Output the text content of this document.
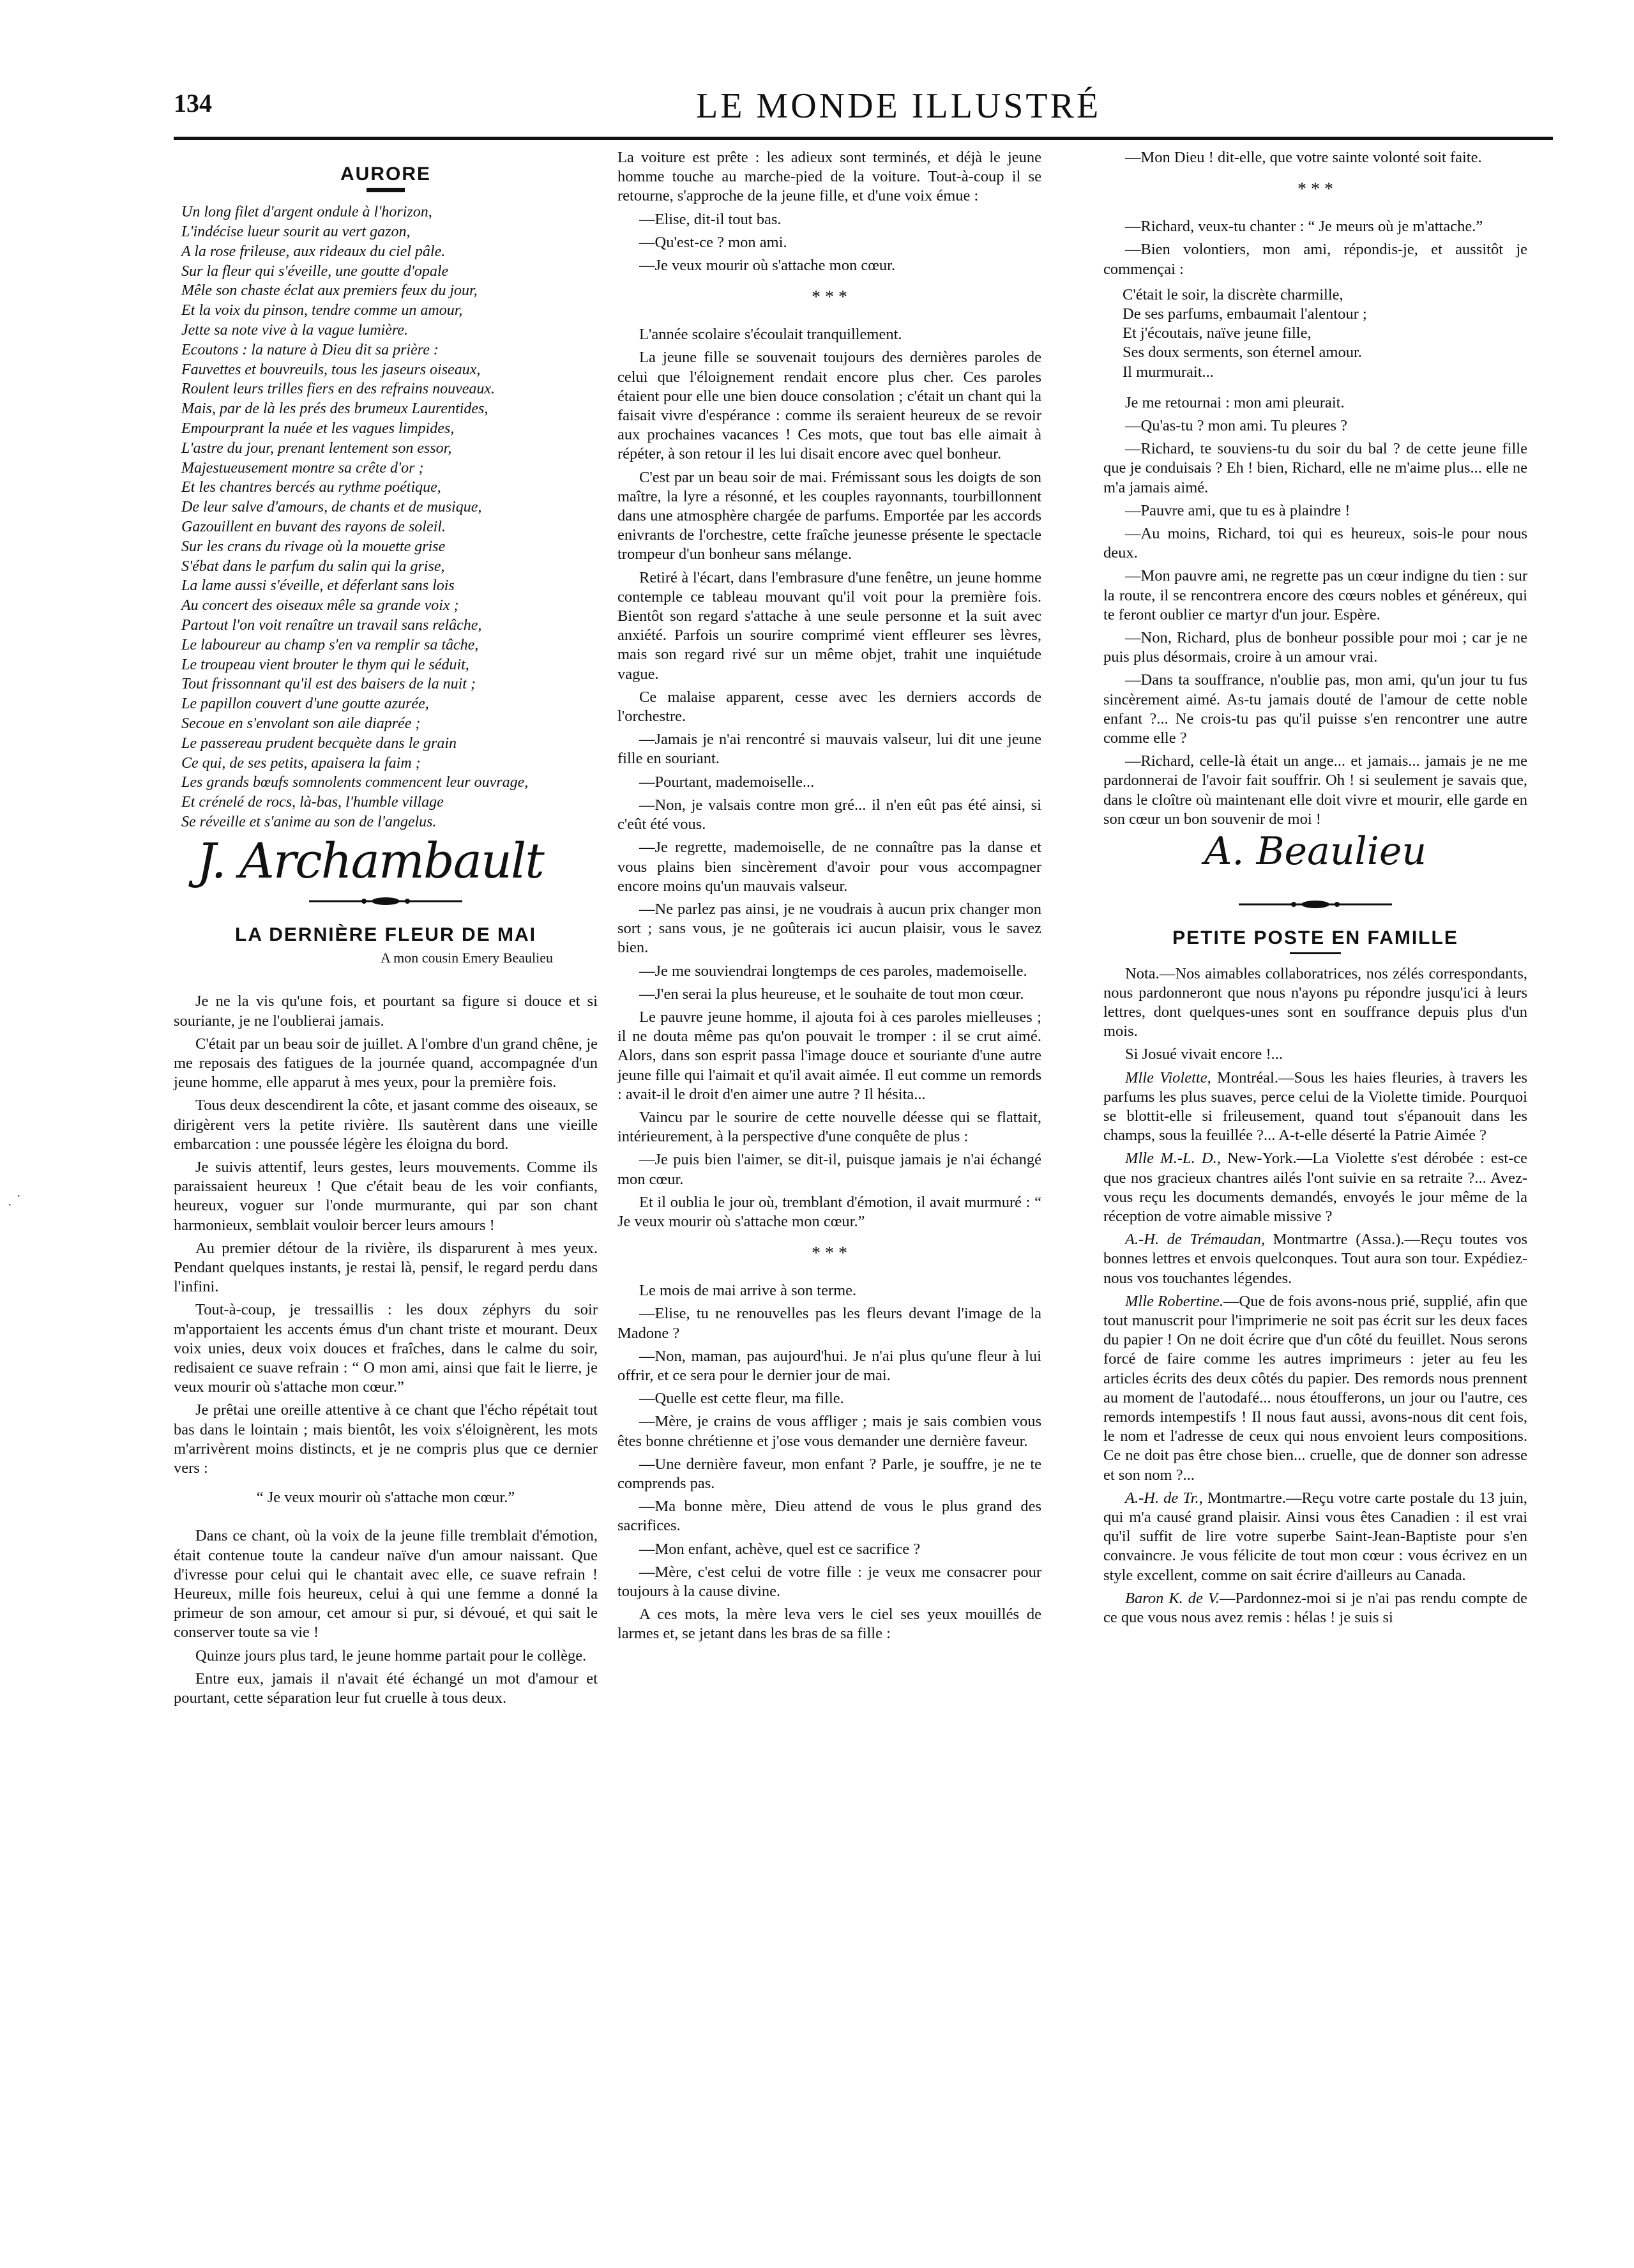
134	LE MONDE ILLUSTRÉ
·
·
AURORE
Un long filet d'argent ondule à l'horizon,
L'indécise lueur sourit au vert gazon,
A la rose frileuse, aux rideaux du ciel pâle.
Sur la fleur qui s'éveille, une goutte d'opale
Mêle son chaste éclat aux premiers feux du jour,
Et la voix du pinson, tendre comme un amour,
Jette sa note vive à la vague lumière.
Ecoutons : la nature à Dieu dit sa prière :
Fauvettes et bouvreuils, tous les jaseurs oiseaux,
Roulent leurs trilles fiers en des refrains nouveaux.
Mais, par de là les prés des brumeux Laurentides,
Empourprant la nuée et les vagues limpides,
L'astre du jour, prenant lentement son essor,
Majestueusement montre sa crête d'or ;
Et les chantres bercés au rythme poétique,
De leur salve d'amours, de chants et de musique,
Gazouillent en buvant des rayons de soleil.
Sur les crans du rivage où la mouette grise
S'ébat dans le parfum du salin qui la grise,
La lame aussi s'éveille, et déferlant sans lois
Au concert des oiseaux mêle sa grande voix ;
Partout l'on voit renaître un travail sans relâche,
Le laboureur au champ s'en va remplir sa tâche,
Le troupeau vient brouter le thym qui le séduit,
Tout frissonnant qu'il est des baisers de la nuit ;
Le papillon couvert d'une goutte azurée,
Secoue en s'envolant son aile diaprée ;
Le passereau prudent becquète dans le grain
Ce qui, de ses petits, apaisera la faim ;
Les grands bœufs somnolents commencent leur ouvrage,
Et crénelé de rocs, là-bas, l'humble village
Se réveille et s'anime au son de l'angelus.
J. Archambault
LA DERNIÈRE FLEUR DE MAI
A mon cousin Emery Beaulieu

Je ne la vis qu'une fois, et pourtant sa figure si douce et si souriante, je ne l'oublierai jamais.

C'était par un beau soir de juillet. A l'ombre d'un grand chêne, je me reposais des fatigues de la journée quand, accompagnée d'un jeune homme, elle apparut à mes yeux, pour la première fois.

Tous deux descendirent la côte, et jasant comme des oiseaux, se dirigèrent vers la petite rivière. Ils sautèrent dans une vieille embarcation : une poussée légère les éloigna du bord.

Je suivis attentif, leurs gestes, leurs mouvements. Comme ils paraissaient heureux ! Que c'était beau de les voir confiants, heureux, voguer sur l'onde murmurante, qui par son chant harmonieux, semblait vouloir bercer leurs amours !

Au premier détour de la rivière, ils disparurent à mes yeux. Pendant quelques instants, je restai là, pensif, le regard perdu dans l'infini.

Tout-à-coup, je tressaillis : les doux zéphyrs du soir m'apportaient les accents émus d'un chant triste et mourant. Deux voix unies, deux voix douces et fraîches, dans le calme du soir, redisaient ce suave refrain : “ O mon ami, ainsi que fait le lierre, je veux mourir où s'attache mon cœur.”

Je prêtai une oreille attentive à ce chant que l'écho répétait tout bas dans le lointain ; mais bientôt, les voix s'éloignèrent, les mots m'arrivèrent moins distincts, et je ne compris plus que ce dernier vers :

“ Je veux mourir où s'attache mon cœur.”

Dans ce chant, où la voix de la jeune fille tremblait d'émotion, était contenue toute la candeur naïve d'un amour naissant. Que d'ivresse pour celui qui le chantait avec elle, ce suave refrain ! Heureux, mille fois heureux, celui à qui une femme a donné la primeur de son amour, cet amour si pur, si dévoué, et qui sait le conserver toute sa vie !

Quinze jours plus tard, le jeune homme partait pour le collège.

Entre eux, jamais il n'avait été échangé un mot d'amour et pourtant, cette séparation leur fut cruelle à tous deux.

La voiture est prête : les adieux sont terminés, et déjà le jeune homme touche au marche-pied de la voiture. Tout-à-coup il se retourne, s'approche de la jeune fille, et d'une voix émue :

—Elise, dit-il tout bas.

—Qu'est-ce ? mon ami.

—Je veux mourir où s'attache mon cœur.

* * *

L'année scolaire s'écoulait tranquillement.

La jeune fille se souvenait toujours des dernières paroles de celui que l'éloignement rendait encore plus cher. Ces paroles étaient pour elle une bien douce consolation ; c'était un chant qui la faisait vivre d'espérance : comme ils seraient heureux de se revoir aux prochaines vacances ! Ces mots, que tout bas elle aimait à répéter, à son retour il les lui disait encore avec quel bonheur.

C'est par un beau soir de mai. Frémissant sous les doigts de son maître, la lyre a résonné, et les couples rayonnants, tourbillonnent dans une atmosphère chargée de parfums. Emportée par les accords enivrants de l'orchestre, cette fraîche jeunesse présente le spectacle trompeur d'un bonheur sans mélange.

Retiré à l'écart, dans l'embrasure d'une fenêtre, un jeune homme contemple ce tableau mouvant qu'il voit pour la première fois. Bientôt son regard s'attache à une seule personne et la suit avec anxiété. Parfois un sourire comprimé vient effleurer ses lèvres, mais son regard rivé sur un même objet, trahit une inquiétude vague.

Ce malaise apparent, cesse avec les derniers accords de l'orchestre.

—Jamais je n'ai rencontré si mauvais valseur, lui dit une jeune fille en souriant.

—Pourtant, mademoiselle...

—Non, je valsais contre mon gré... il n'en eût pas été ainsi, si c'eût été vous.

—Je regrette, mademoiselle, de ne connaître pas la danse et vous plains bien sincèrement d'avoir pour vous accompagner encore moins qu'un mauvais valseur.

—Ne parlez pas ainsi, je ne voudrais à aucun prix changer mon sort ; sans vous, je ne goûterais ici aucun plaisir, vous le savez bien.

—Je me souviendrai longtemps de ces paroles, mademoiselle.

—J'en serai la plus heureuse, et le souhaite de tout mon cœur.

Le pauvre jeune homme, il ajouta foi à ces paroles mielleuses ; il ne douta même pas qu'on pouvait le tromper : il se crut aimé. Alors, dans son esprit passa l'image douce et souriante d'une autre jeune fille qui l'aimait et qu'il avait aimée. Il eut comme un remords : avait-il le droit d'en aimer une autre ? Il hésita...

Vaincu par le sourire de cette nouvelle déesse qui se flattait, intérieurement, à la perspective d'une conquête de plus :

—Je puis bien l'aimer, se dit-il, puisque jamais je n'ai échangé mon cœur.

Et il oublia le jour où, tremblant d'émotion, il avait murmuré : “ Je veux mourir où s'attache mon cœur.”

* * *

Le mois de mai arrive à son terme.

—Elise, tu ne renouvelles pas les fleurs devant l'image de la Madone ?

—Non, maman, pas aujourd'hui. Je n'ai plus qu'une fleur à lui offrir, et ce sera pour le dernier jour de mai.

—Quelle est cette fleur, ma fille.

—Mère, je crains de vous affliger ; mais je sais combien vous êtes bonne chrétienne et j'ose vous demander une dernière faveur.

—Une dernière faveur, mon enfant ? Parle, je souffre, je ne te comprends pas.

—Ma bonne mère, Dieu attend de vous le plus grand des sacrifices.

—Mon enfant, achève, quel est ce sacrifice ?

—Mère, c'est celui de votre fille : je veux me consacrer pour toujours à la cause divine.

A ces mots, la mère leva vers le ciel ses yeux mouillés de larmes et, se jetant dans les bras de sa fille :

—Mon Dieu ! dit-elle, que votre sainte volonté soit faite.

* * *

—Richard, veux-tu chanter : “ Je meurs où je m'attache.”

—Bien volontiers, mon ami, répondis-je, et aussitôt je commençai :

C'était le soir, la discrète charmille,
De ses parfums, embaumait l'alentour ;
Et j'écoutais, naïve jeune fille,
Ses doux serments, son éternel amour.
Il murmurait...

Je me retournai : mon ami pleurait.

—Qu'as-tu ? mon ami. Tu pleures ?

—Richard, te souviens-tu du soir du bal ? de cette jeune fille que je conduisais ? Eh ! bien, Richard, elle ne m'aime plus... elle ne m'a jamais aimé.

—Pauvre ami, que tu es à plaindre !

—Au moins, Richard, toi qui es heureux, sois-le pour nous deux.

—Mon pauvre ami, ne regrette pas un cœur indigne du tien : sur la route, il se rencontrera encore des cœurs nobles et généreux, qui te feront oublier ce martyr d'un jour. Espère.

—Non, Richard, plus de bonheur possible pour moi ; car je ne puis plus désormais, croire à un amour vrai.

—Dans ta souffrance, n'oublie pas, mon ami, qu'un jour tu fus sincèrement aimé. As-tu jamais douté de l'amour de cette noble enfant ?... Ne crois-tu pas qu'il puisse s'en rencontrer une autre comme elle ?

—Richard, celle-là était un ange... et jamais... jamais je ne me pardonnerai de l'avoir fait souffrir. Oh ! si seulement je savais que, dans le cloître où maintenant elle doit vivre et mourir, elle garde en son cœur un bon souvenir de moi !

A. Beaulieu
PETITE POSTE EN FAMILLE

Nota.—Nos aimables collaboratrices, nos zélés correspondants, nous pardonneront que nous n'ayons pu répondre jusqu'ici à leurs lettres, dont quelques-unes sont en souffrance depuis plus d'un mois.

Si Josué vivait encore !...

Mlle Violette, Montréal.—Sous les haies fleuries, à travers les parfums les plus suaves, perce celui de la Violette timide. Pourquoi se blottit-elle si frileusement, quand tout s'épanouit dans les champs, sous la feuillée ?... A-t-elle déserté la Patrie Aimée ?

Mlle M.-L. D., New-York.—La Violette s'est dérobée : est-ce que nos gracieux chantres ailés l'ont suivie en sa retraite ?... Avez-vous reçu les documents demandés, envoyés le jour même de la réception de votre aimable missive ?

A.-H. de Trémaudan, Montmartre (Assa.).—Reçu toutes vos bonnes lettres et envois quelconques. Tout aura son tour. Expédiez-nous vos touchantes légendes.

Mlle Robertine.—Que de fois avons-nous prié, supplié, afin que tout manuscrit pour l'imprimerie ne soit pas écrit sur les deux faces du papier ! On ne doit écrire que d'un côté du feuillet. Nous serons forcé de faire comme les autres imprimeurs : jeter au feu les articles écrits des deux côtés du papier. Des remords nous prennent au moment de l'autodafé... nous étoufferons, un jour ou l'autre, ces remords intempestifs ! Il nous faut aussi, avons-nous dit cent fois, le nom et l'adresse de ceux qui nous envoient leurs compositions. Ce ne doit pas être chose bien... cruelle, que de donner son adresse et son nom ?...

A.-H. de Tr., Montmartre.—Reçu votre carte postale du 13 juin, qui m'a causé grand plaisir. Ainsi vous êtes Canadien : il est vrai qu'il suffit de lire votre superbe Saint-Jean-Baptiste pour s'en convaincre. Je vous félicite de tout mon cœur : vous écrivez en un style excellent, comme on sait écrire d'ailleurs au Canada.

Baron K. de V.—Pardonnez-moi si je n'ai pas rendu compte de ce que vous nous avez remis : hélas ! je suis si
